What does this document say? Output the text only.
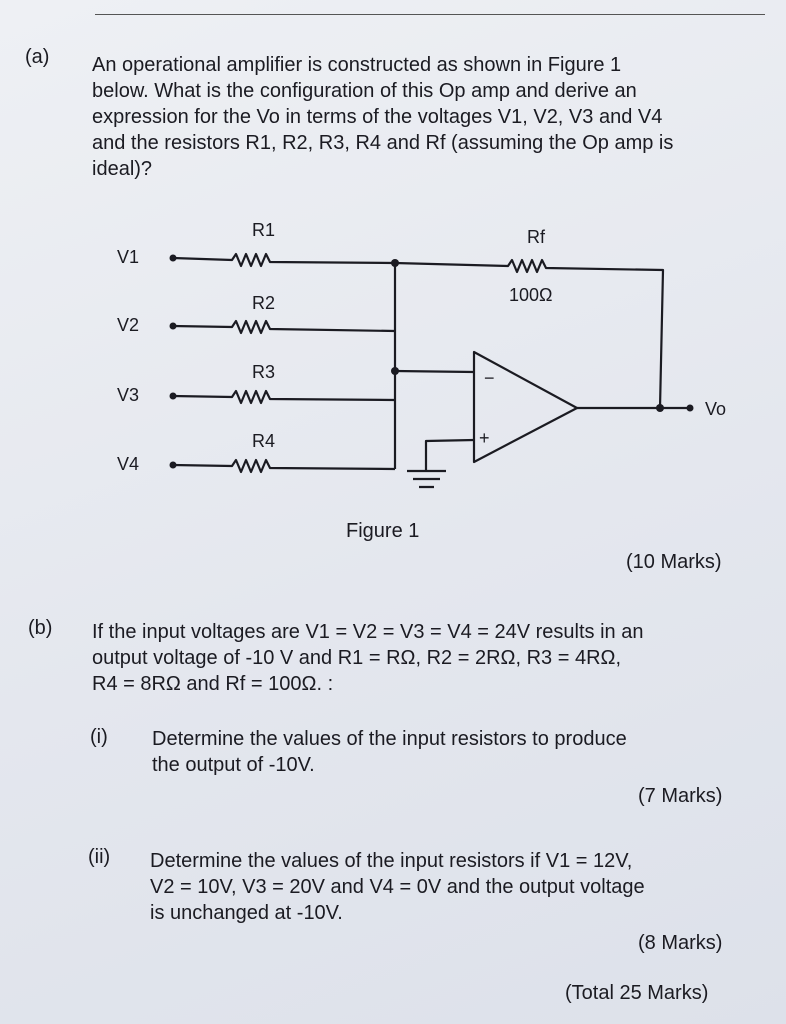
(a) An operational amplifier is constructed as shown in Figure 1
below. What is the configuration of this Op amp and derive an
expression for the Vo in terms of the voltages V1, V2, V3 and V4
and the resistors R1, R2, R3, R4 and Rf (assuming the Op amp is
ideal)?
R1
R2
R3
R4
Rf
100Ω
V1
V2
V3
V4
Vo
−
+
Figure 1
(10 Marks)
(b) If the input voltages are V1 = V2 = V3 = V4 = 24V results in an
output voltage of -10 V and R1 = RΩ, R2 = 2RΩ, R3 = 4RΩ,
R4 = 8RΩ and Rf = 100Ω. :
(i) Determine the values of the input resistors to produce
the output of -10V.
(7 Marks)
(ii) Determine the values of the input resistors if V1 = 12V,
V2 = 10V, V3 = 20V and V4 = 0V and the output voltage
is unchanged at -10V.
(8 Marks)
(Total 25 Marks)
